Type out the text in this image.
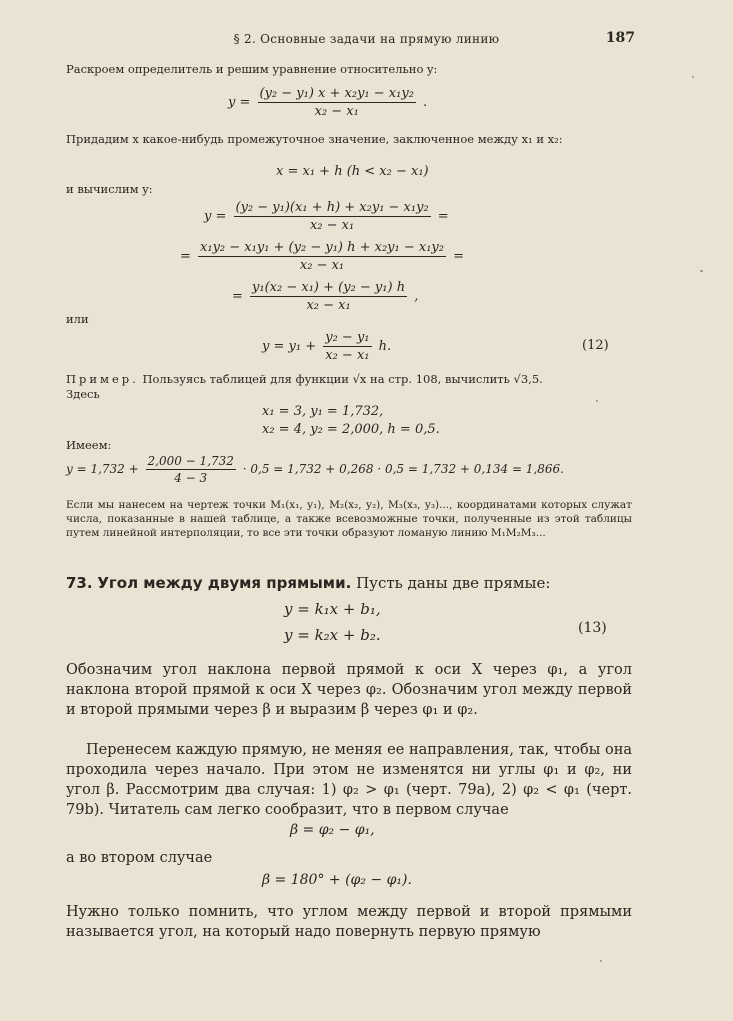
§ 2. Основные задачи на прямую линию	187
Раскроем определитель и решим уравнение относительно y:
$y = \frac{\text{(y₂ − y₁) x + x₂y₁ − x₁y₂}}{\text{x₂ − x₁}}$ .
Придадим x какое-нибудь промежуточное значение, заключенное между x₁ и x₂:
x = x₁ + h (h < x₂ − x₁)
и вычислим y:
$y = \frac{\text{(y₂ − y₁)(x₁ + h) + x₂y₁ − x₁y₂}}{\text{x₂ − x₁}}$ =
= $\frac{\text{x₁y₂ − x₁y₁ + (y₂ − y₁) h + x₂y₁ − x₁y₂}}{\text{x₂ − x₁}}$ =
= $\frac{\text{y₁(x₂ − x₁) + (y₂ − y₁) h}}{\text{x₂ − x₁}}$ ,
или
$y = y_1 + \frac{\text{y₂ − y₁}}{\text{x₂ − x₁}} h$.	(12)
Пример. Пользуясь таблицей для функции √x на стр. 108, вычислить √3,5.
Здесь
x₁ = 3, y₁ = 1,732,
x₂ = 4, y₂ = 2,000, h = 0,5.
Имеем:
$y = 1,732 + \frac{2,000 - 1,732}{4 - 3} \cdot 0,5 = 1,732 + 0,268 \cdot 0,5 = 1,732 + 0,134 = 1,866$.
Если мы нанесем на чертеж точки M₁(x₁, y₁), M₂(x₂, y₂), M₃(x₃, y₃)..., координатами которых служат числа, показанные в нашей таблице, а также всевозможные точки, полученные из этой таблицы путем линейной интерполяции, то все эти точки образуют ломаную линию M₁M₂M₃...
73. Угол между двумя прямыми. Пусть даны две прямые:
y = k₁x + b₁,
y = k₂x + b₂.	(13)
Обозначим угол наклона первой прямой к оси X через φ₁, а угол наклона второй прямой к оси X через φ₂. Обозначим угол между первой и второй прямыми через β и выразим β через φ₁ и φ₂.
Перенесем каждую прямую, не меняя ее направления, так, чтобы она проходила через начало. При этом не изменятся ни углы φ₁ и φ₂, ни угол β. Рассмотрим два случая: 1) φ₂ > φ₁ (черт. 79a), 2) φ₂ < φ₁ (черт. 79b). Читатель сам легко сообразит, что в первом случае
β = φ₂ − φ₁,
а во втором случае
β = 180° + (φ₂ − φ₁).
Нужно только помнить, что углом между первой и второй прямыми называется угол, на который надо повернуть первую прямую
